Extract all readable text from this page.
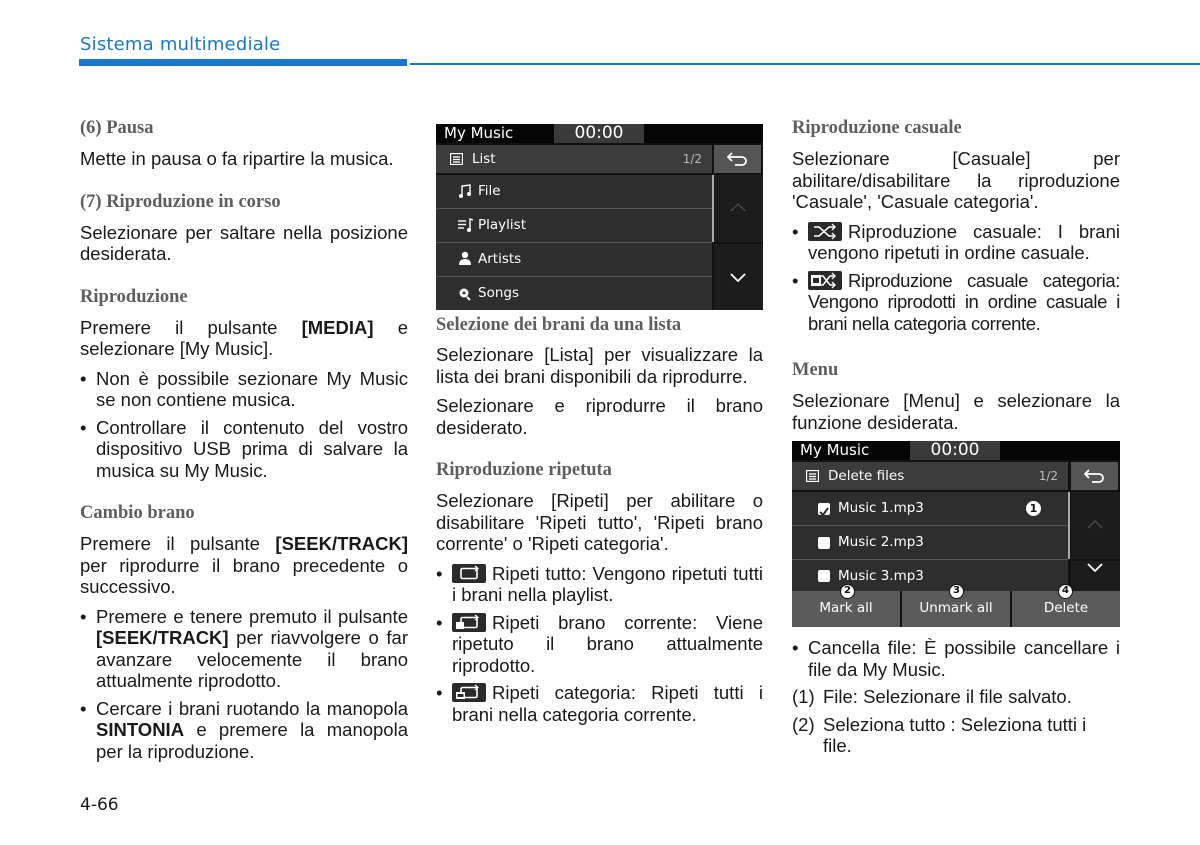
Sistema multimediale
(6) Pausa

Mette in pausa o fa ripartire la musica.

(7) Riproduzione in corso

Selezionare per saltare nella posizione desiderata.

Riproduzione

Premere il pulsante [MEDIA] e selezionare [My Music].

• Non è possibile sezionare My Music se non contiene musica.
• Controllare il contenuto del vostro dispositivo USB prima di salvare la musica su My Music.
Cambio brano

Premere il pulsante [SEEK/TRACK] per riprodurre il brano precedente o successivo.

• Premere e tenere premuto il pulsante [SEEK/TRACK] per riavvolgere o far avanzare velocemente il brano attualmente riprodotto.
• Cercare i brani ruotando la manopola SINTONIA e premere la manopola per la riproduzione.
My Music	00:00
List	1/2
File
Playlist
Artists
Songs
Selezione dei brani da una lista

Selezionare [Lista] per visualizzare la lista dei brani disponibili da riprodurre.

Selezionare e riprodurre il brano desiderato.

Riproduzione ripetuta

Selezionare [Ripeti] per abilitare o disabilitare 'Ripeti tutto', 'Ripeti brano corrente' o 'Ripeti categoria'.

• Ripeti tutto: Vengono ripetuti tutti i brani nella playlist.
• Ripeti brano corrente: Viene ripetuto il brano attualmente riprodotto.
• Ripeti categoria: Ripeti tutti i brani nella categoria corrente.
Riproduzione casuale

Selezionare [Casuale] per abilitare/disabilitare la riproduzione 'Casuale', 'Casuale categoria'.

• Riproduzione casuale: I brani vengono ripetuti in ordine casuale.
• Riproduzione casuale categoria: Vengono riprodotti in ordine casuale i brani nella categoria corrente.
Menu

Selezionare [Menu] e selezionare la funzione desiderata.

My Music	00:00
Delete files	1/2
Music 1.mp3	1
Music 2.mp3
Music 3.mp3
Mark all	Unmark all	Delete
2	3	4
• Cancella file: È possibile cancellare i file da My Music.
(1) File: Selezionare il file salvato.
(2) Seleziona tutto : Seleziona tutti i file.
4-66
